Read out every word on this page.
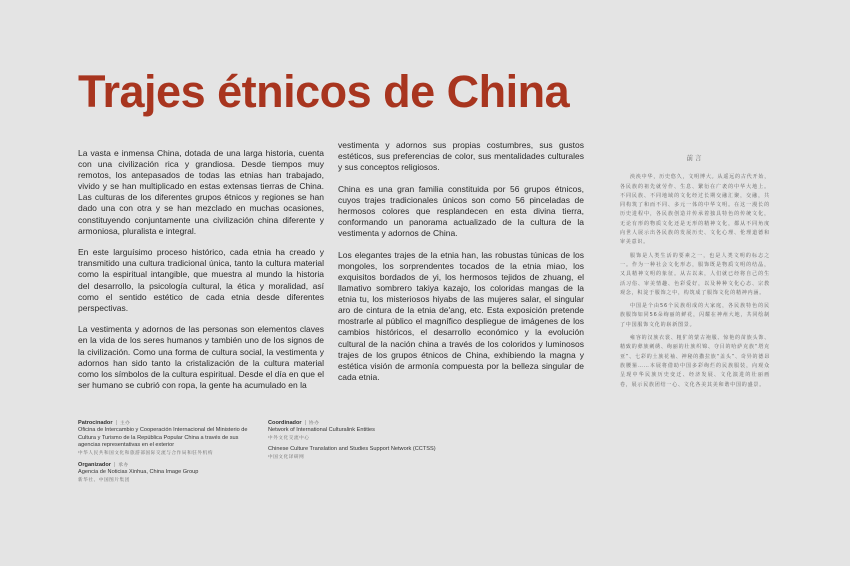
Trajes étnicos de China

La vasta e inmensa China, dotada de una larga historia, cuenta con una civilización rica y grandiosa. Desde tiempos muy remotos, los antepasados de todas las etnias han trabajado, vivido y se han multiplicado en estas extensas tierras de China. Las culturas de los diferentes grupos étnicos y regiones se han dado una con otra y se han mezclado en muchas ocasiones, constituyendo conjuntamente una civilización china diferente y armoniosa, pluralista e integral.

En este larguísimo proceso histórico, cada etnia ha creado y transmitido una cultura tradicional única, tanto la cultura material como la espiritual intangible, que muestra al mundo la historia del desarrollo, la psicología cultural, la ética y moralidad, así como el sentido estético de cada etnia desde diferentes perspectivas.

La vestimenta y adornos de las personas son elementos claves en la vida de los seres humanos y también uno de los signos de la civilización. Como una forma de cultura social, la vestimenta y adornos han sido tanto la cristalización de la cultura material como los símbolos de la cultura espiritual. Desde el día en que el ser humano se cubrió con ropa, la gente ha acumulado en la

vestimenta y adornos sus propias costumbres, sus gustos estéticos, sus preferencias de color, sus mentalidades culturales y sus conceptos religiosos.

China es una gran familia constituida por 56 grupos étnicos, cuyos trajes tradicionales únicos son como 56 pinceladas de hermosos colores que resplandecen en esta divina tierra, conformando un panorama actualizado de la cultura de la vestimenta y adornos de China.

Los elegantes trajes de la etnia han, las robustas túnicas de los mongoles, los sorprendentes tocados de la etnia miao, los exquisitos bordados de yi, los hermosos tejidos de zhuang, el llamativo sombrero takiya kazajo, los coloridas mangas de la etnia tu, los misteriosos hiyabs de las mujeres salar, el singular aro de cintura de la etnia de'ang, etc. Esta exposición pretende mostrarle al público el magnífico despliegue de imágenes de los cambios históricos, el desarrollo económico y la evolución cultural de la nación china a través de los coloridos y luminosos trajes de los grupos étnicos de China, exhibiendo la magna y estética visión de armonía compuesta por la belleza singular de cada etnia.

前言

泱泱中华，历史悠久，文明博大。从遥远的古代开始，各民族的祖先就劳作、生息、繁衍在广袤的中华大地上。不同民族、不同地域的文化经过长期交融汇聚，交融，共同构筑了和而不同、多元一体的中华文明。在这一漫长的历史进程中，各民族创造并传承着独具特色的传统文化，无论有形的物质文化还是无形的精神文化，都从不同角度向世人展示出各民族的发展历史、文化心理、伦理道德和审美意识。

服饰是人类生活的要素之一，也是人类文明的标志之一。作为一种社会文化形态，服饰既是物质文明的结晶，又具精神文明的象征。从古以来，人们就已经将自己的生活习俗、审美情趣、色彩爱好，以及种种文化心态、宗教观念，积淀于服饰之中，构筑成了服饰文化的精神内涵。

中国是个由56个民族组成的大家庭，各民族特色的民族服饰如同56朵绚丽的鲜花，闪耀在神州大地，共同绘制了中国服饰文化的崭新图景。

雍容的汉族衣裳、粗犷的蒙古袍服、惊艳的苗族头饰、精致的彝族刺绣、绚丽的壮族织锦、夺目的哈萨克族“塔克亚”、七彩的土族花袖、神秘的撒拉族“盖头”、奇异的德昂族腰箍……本展将借助中国多彩绚烂的民族服装，向观众呈现中华民族历史变迁、经济发展、文化演进的壮丽画卷，展示民族团结一心、文化各美其美和谐中国的盛景。

Patrocinador | 主办
Oficina de Intercambio y Cooperación Internacional del Ministerio de Cultura y Turismo de la República Popular China a través de sus agencias representativas en el exterior
中华人民共和国文化和旅游部国际交流与合作局和驻外机构
Organizador | 承办
Agencia de Noticias Xinhua, China Image Group
新华社、中国图片集团
Coordinador | 协办
Network of International Culturalink Entities
中外文化交流中心
Chinese Culture Translation and Studies Support Network (CCTSS)
中国文化译研网
